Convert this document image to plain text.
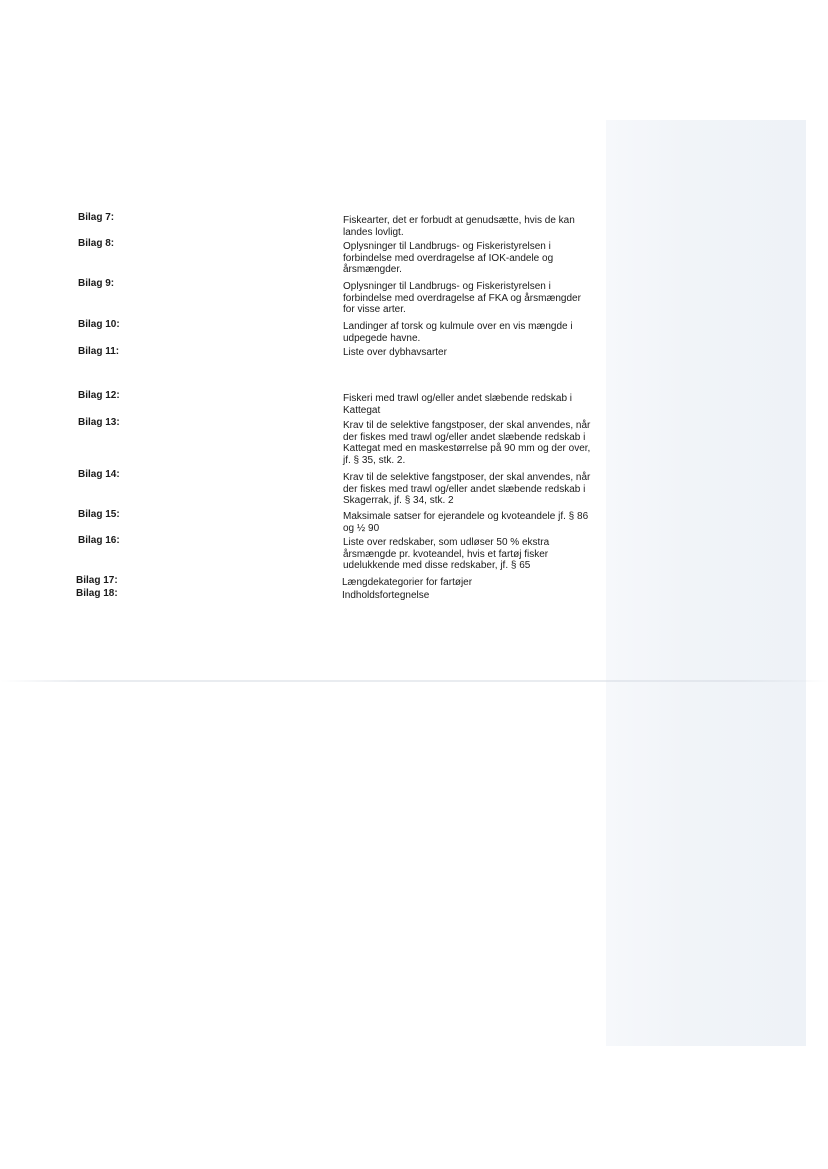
Bilag 7:	Fiskearter, det er forbudt at genudsætte, hvis de kan landes lovligt.
Bilag 8:	Oplysninger til Landbrugs- og Fiskeristyrelsen i forbindelse med overdragelse af IOK-andele og årsmængder.
Bilag 9:	Oplysninger til Landbrugs- og Fiskeristyrelsen i forbindelse med overdragelse af FKA og årsmængder for visse arter.
Bilag 10:	Landinger af torsk og kulmule over en vis mængde i udpegede havne.
Bilag 11:	Liste over dybhavsarter
Bilag 12:	Fiskeri med trawl og/eller andet slæbende redskab i Kattegat
Bilag 13:	Krav til de selektive fangstposer, der skal anvendes, når der fiskes med trawl og/eller andet slæbende redskab i Kattegat med en maskestørrelse på 90 mm og der over, jf. § 35, stk. 2.
Bilag 14:	Krav til de selektive fangstposer, der skal anvendes, når der fiskes med trawl og/eller andet slæbende redskab i Skagerrak, jf. § 34, stk. 2
Bilag 15:	Maksimale satser for ejerandele og kvoteandele jf. § 86 og ½ 90
Bilag 16:	Liste over redskaber, som udløser 50 % ekstra årsmængde pr. kvoteandel, hvis et fartøj fisker udelukkende med disse redskaber, jf. § 65
Bilag 17:	Længdekategorier for fartøjer
Bilag 18:	Indholdsfortegnelse
